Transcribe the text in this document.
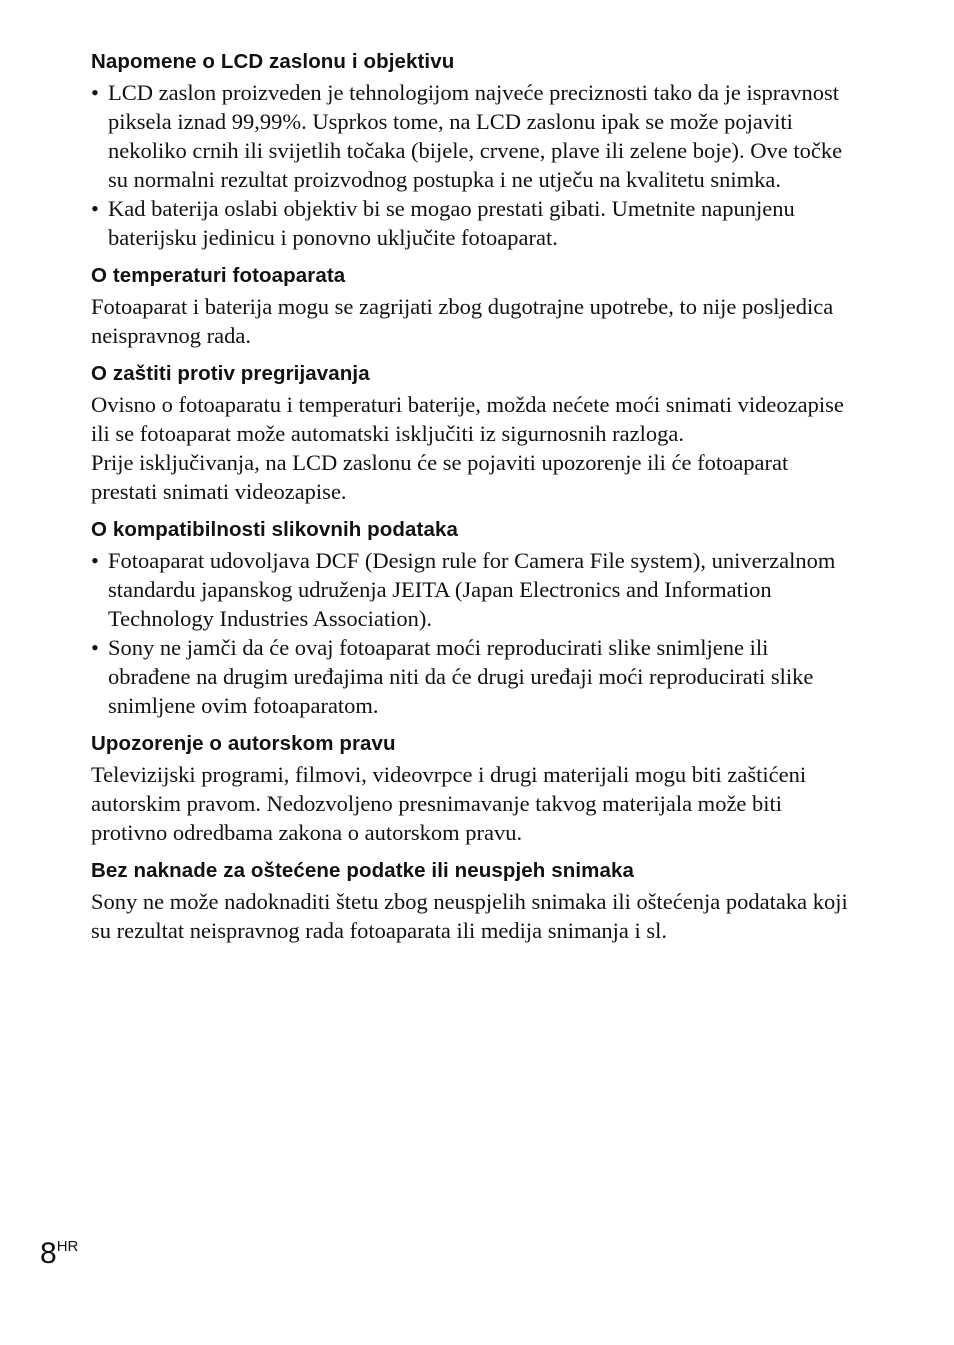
Napomene o LCD zaslonu i objektivu
• LCD zaslon proizveden je tehnologijom najveće preciznosti tako da je ispravnost piksela iznad 99,99%. Usprkos tome, na LCD zaslonu ipak se može pojaviti nekoliko crnih ili svijetlih točaka (bijele, crvene, plave ili zelene boje). Ove točke su normalni rezultat proizvodnog postupka i ne utječu na kvalitetu snimka.
• Kad baterija oslabi objektiv bi se mogao prestati gibati. Umetnite napunjenu baterijsku jedinicu i ponovno uključite fotoaparat.
O temperaturi fotoaparata

Fotoaparat i baterija mogu se zagrijati zbog dugotrajne upotrebe, to nije posljedica neispravnog rada.

O zaštiti protiv pregrijavanja

Ovisno o fotoaparatu i temperaturi baterije, možda nećete moći snimati videozapise ili se fotoaparat može automatski isključiti iz sigurnosnih razloga.

Prije isključivanja, na LCD zaslonu će se pojaviti upozorenje ili će fotoaparat prestati snimati videozapise.

O kompatibilnosti slikovnih podataka
• Fotoaparat udovoljava DCF (Design rule for Camera File system), univerzalnom standardu japanskog udruženja JEITA (Japan Electronics and Information Technology Industries Association).
• Sony ne jamči da će ovaj fotoaparat moći reproducirati slike snimljene ili obrađene na drugim uređajima niti da će drugi uređaji moći reproducirati slike snimljene ovim fotoaparatom.
Upozorenje o autorskom pravu

Televizijski programi, filmovi, videovrpce i drugi materijali mogu biti zaštićeni autorskim pravom. Nedozvoljeno presnimavanje takvog materijala može biti protivno odredbama zakona o autorskom pravu.

Bez naknade za oštećene podatke ili neuspjeh snimaka

Sony ne može nadoknaditi štetu zbog neuspjelih snimaka ili oštećenja podataka koji su rezultat neispravnog rada fotoaparata ili medija snimanja i sl.

8HR
